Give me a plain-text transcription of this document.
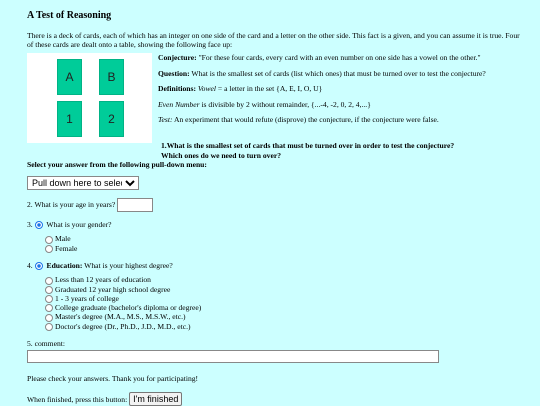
A Test of Reasoning

There is a deck of cards, each of which has an integer on one side of the card and a letter on the other side. This fact is a given, and you can assume it is true. Four of these cards are dealt onto a table, showing the following face up:

A	B
1	2

Conjecture: "For these four cards, every card with an even number on one side has a vowel on the other."

Question: What is the smallest set of cards (list which ones) that must be turned over to test the conjecture?

Definitions: Vowel = a letter in the set {A, E, I, O, U}

Even Number is divisible by 2 without remainder, {...-4, -2, 0, 2, 4,...}

Test: An experiment that would refute (disprove) the conjecture, if the conjecture were false.

1.What is the smallest set of cards that must be turned over in order to test the conjecture?
Which ones do we need to turn over?
Select your answer from the following pull-down menu:
Pull down here to select
2. What is your age in years?
3. What is your gender?
Male
Female
4. Education: What is your highest degree?
Less than 12 years of education
Graduated 12 year high school degree
1 - 3 years of college
College graduate (bachelor's diploma or degree)
Master's degree (M.A., M.S., M.S.W., etc.)
Doctor's degree (Dr., Ph.D., J.D., M.D., etc.)
5. comment:
Please check your answers. Thank you for participating!
When finished, press this button: I'm finished
